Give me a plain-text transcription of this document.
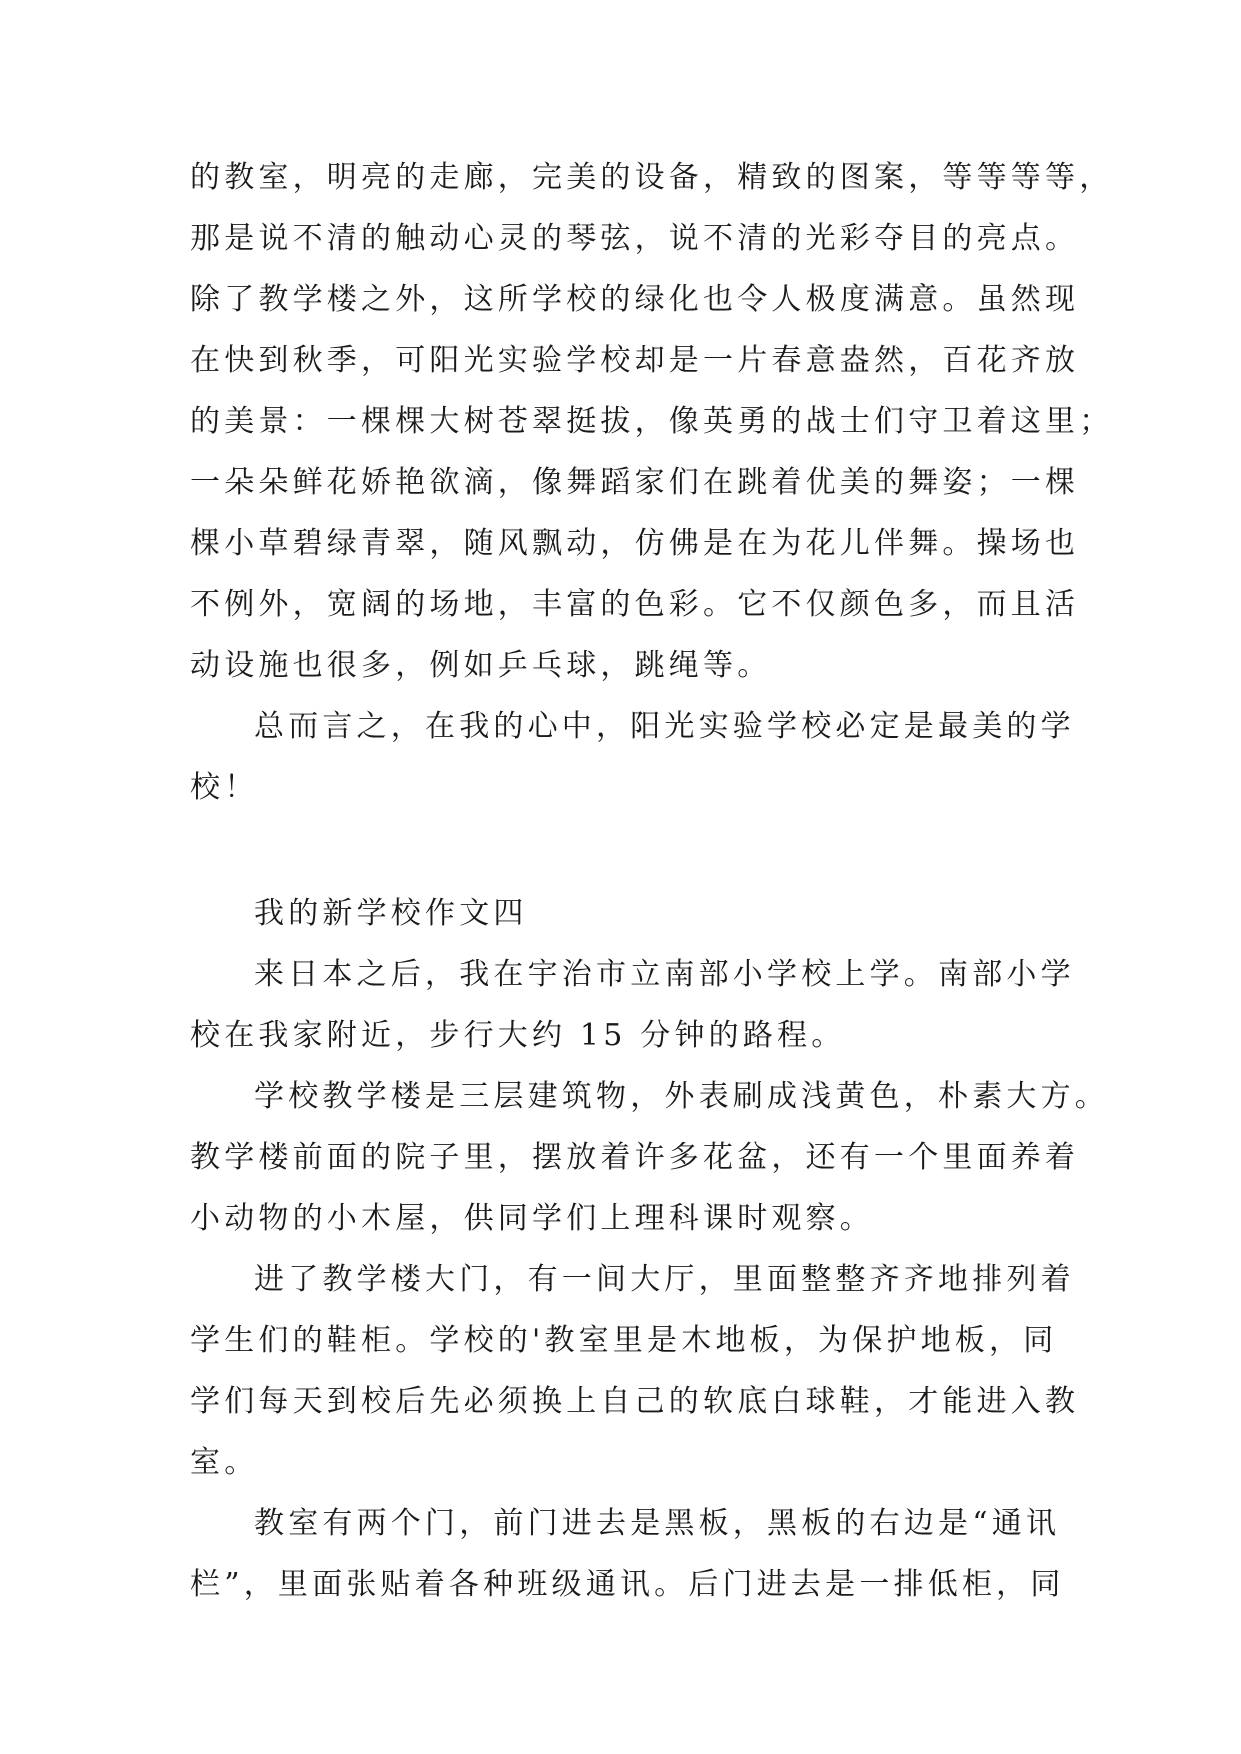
的教室，明亮的走廊，完美的设备，精致的图案，等等等等，
那是说不清的触动心灵的琴弦，说不清的光彩夺目的亮点。
除了教学楼之外，这所学校的绿化也令人极度满意。虽然现
在快到秋季，可阳光实验学校却是一片春意盎然，百花齐放
的美景：一棵棵大树苍翠挺拔，像英勇的战士们守卫着这里；
一朵朵鲜花娇艳欲滴，像舞蹈家们在跳着优美的舞姿；一棵
棵小草碧绿青翠，随风飘动，仿佛是在为花儿伴舞。操场也
不例外，宽阔的场地，丰富的色彩。它不仅颜色多，而且活
动设施也很多，例如乒乓球，跳绳等。
总而言之，在我的心中，阳光实验学校必定是最美的学
校！
我的新学校作文四
来日本之后，我在宇治市立南部小学校上学。南部小学
校在我家附近，步行大约 15 分钟的路程。
学校教学楼是三层建筑物，外表刷成浅黄色，朴素大方。
教学楼前面的院子里，摆放着许多花盆，还有一个里面养着
小动物的小木屋，供同学们上理科课时观察。
进了教学楼大门，有一间大厅，里面整整齐齐地排列着
学生们的鞋柜。学校的'教室里是木地板，为保护地板，同
学们每天到校后先必须换上自己的软底白球鞋，才能进入教
室。
教室有两个门，前门进去是黑板，黑板的右边是“通讯
栏”，里面张贴着各种班级通讯。后门进去是一排低柜，同
